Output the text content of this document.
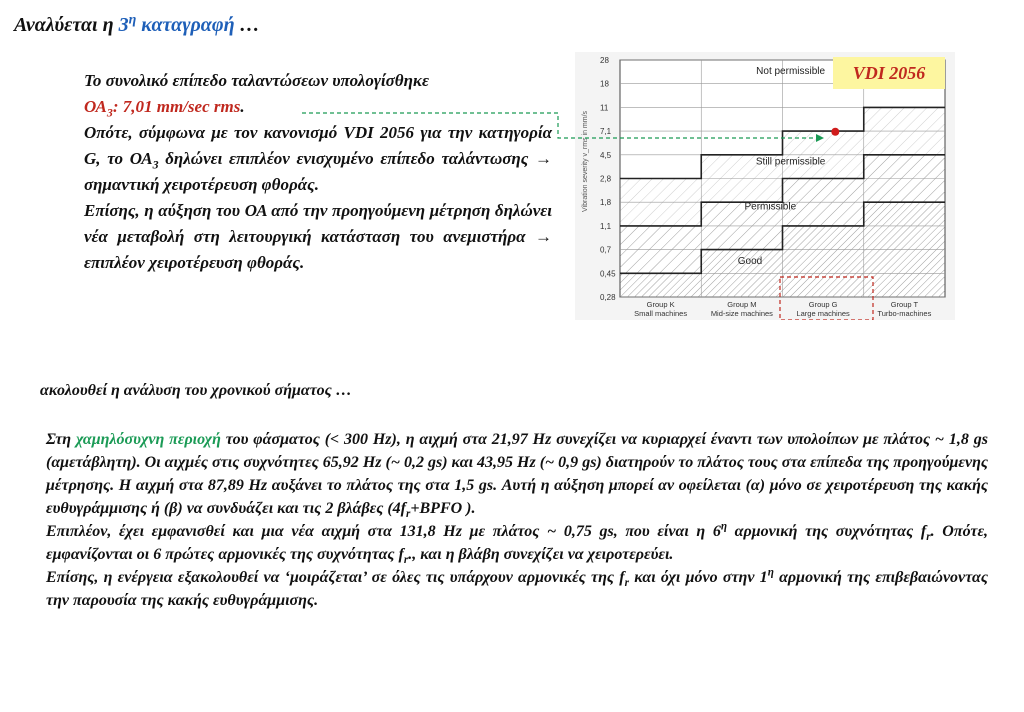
Αναλύεται η $3^\eta$ καταγραφή …

Το συνολικό επίπεδο ταλαντώσεων υπολογίσθηκε
$OA_3$: 7,01 mm/sec rms.

Οπότε, σύμφωνα με τον κανονισμό VDI 2056 για την κατηγορία G, το $OA_3$ δηλώνει επιπλέον ενισχυμένο επίπεδο ταλάντωσης → σημαντική χειροτέρευση φθοράς.

Επίσης, η αύξηση του ΟΑ από την προηγούμενη μέτρηση δηλώνει νέα μεταβολή στη λειτουργική κατάσταση του ανεμιστήρα → επιπλέον χειροτέρευση φθοράς.

Vibration severity v_rms in mm/s
28
18
11
7,1
4,5
2,8
1,8
1,1
0,7
0,45
0,28
Not permissible
Still permissible
Permissible
Good
Group K
Small machines
Group M
Mid-size machines
Group G
Large machines
Group T
Turbo-machines
VDI 2056
ακολουθεί η ανάλυση του χρονικού σήματος …

Στη χαμηλόσυχνη περιοχή του φάσματος (< 300 Hz), η αιχμή στα 21,97 Hz συνεχίζει να κυριαρχεί έναντι των υπολοίπων με πλάτος ~ 1,8 gs (αμετάβλητη). Οι αιχμές στις συχνότητες 65,92 Hz (~ 0,2 gs) και 43,95 Hz (~ 0,9 gs) διατηρούν το πλάτος τους στα επίπεδα της προηγούμενης μέτρησης. Η αιχμή στα 87,89 Hz αυξάνει το πλάτος της στα 1,5 gs. Αυτή η αύξηση μπορεί αν οφείλεται (α) μόνο σε χειροτέρευση της κακής ευθυγράμμισης ή (β) να συνδυάζει και τις 2 βλάβες ($4f_r+BPFO$ ).

Επιπλέον, έχει εμφανισθεί και μια νέα αιχμή στα 131,8 Hz με πλάτος ~ 0,75 gs, που είναι η $6^\eta$ αρμονική της συχνότητας $f_r$. Οπότε, εμφανίζονται οι 6 πρώτες αρμονικές της συχνότητας $f_r$., και η βλάβη συνεχίζει να χειροτερεύει.

Επίσης, η ενέργεια εξακολουθεί να ‘μοιράζεται’ σε όλες τις υπάρχουν αρμονικές της $f_r$ και όχι μόνο στην $1^\eta$ αρμονική της επιβεβαιώνοντας την παρουσία της κακής ευθυγράμμισης.
